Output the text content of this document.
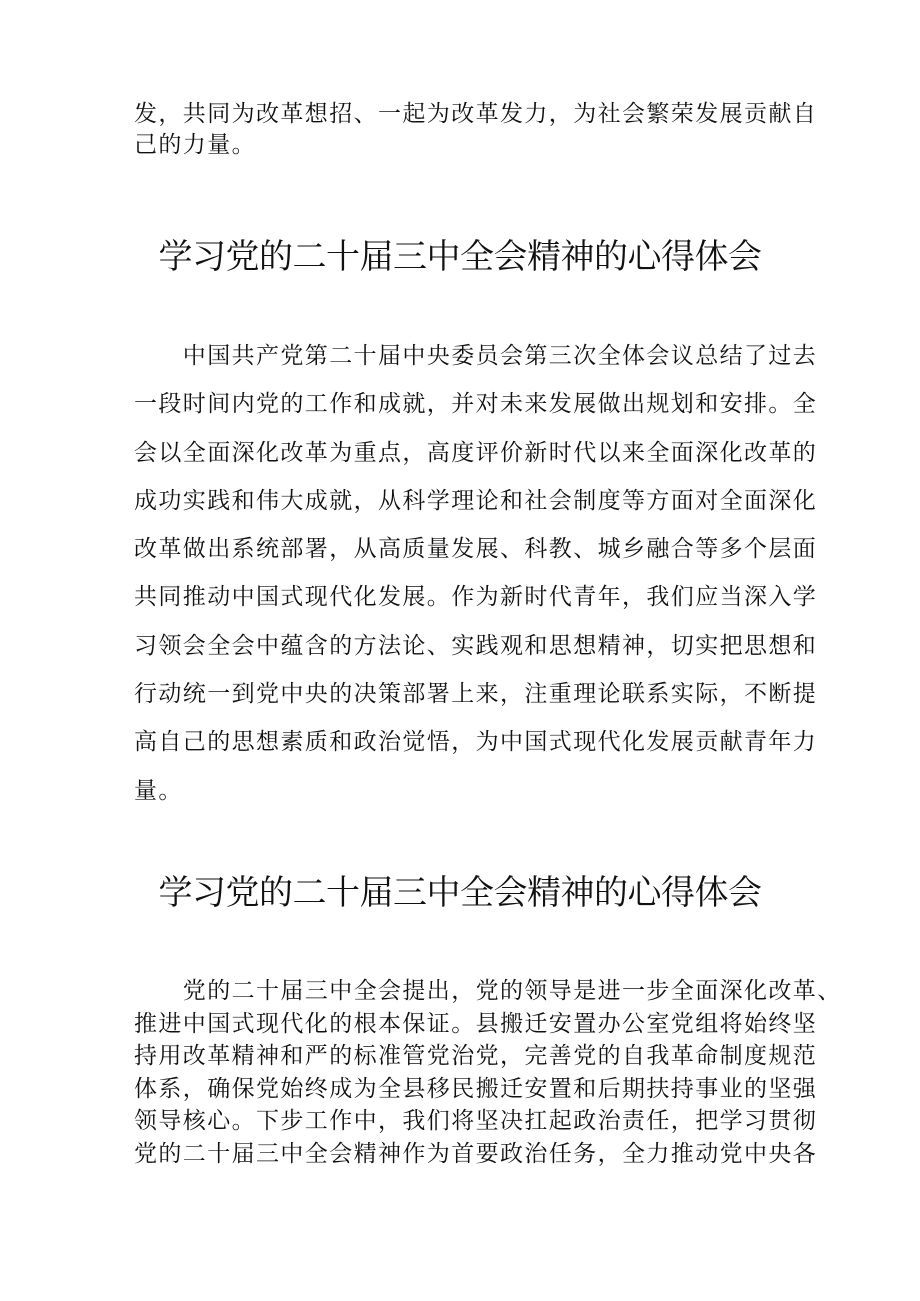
发，共同为改革想招、一起为改革发力，为社会繁荣发展贡献自
己的力量。

学习党的二十届三中全会精神的心得体会

　　中国共产党第二十届中央委员会第三次全体会议总结了过去
一段时间内党的工作和成就，并对未来发展做出规划和安排。全
会以全面深化改革为重点，高度评价新时代以来全面深化改革的
成功实践和伟大成就，从科学理论和社会制度等方面对全面深化
改革做出系统部署，从高质量发展、科教、城乡融合等多个层面
共同推动中国式现代化发展。作为新时代青年，我们应当深入学
习领会全会中蕴含的方法论、实践观和思想精神，切实把思想和
行动统一到党中央的决策部署上来，注重理论联系实际，不断提
高自己的思想素质和政治觉悟，为中国式现代化发展贡献青年力
量。

学习党的二十届三中全会精神的心得体会

　　党的二十届三中全会提出，党的领导是进一步全面深化改革、
推进中国式现代化的根本保证。县搬迁安置办公室党组将始终坚
持用改革精神和严的标准管党治党，完善党的自我革命制度规范
体系，确保党始终成为全县移民搬迁安置和后期扶持事业的坚强
领导核心。下步工作中，我们将坚决扛起政治责任，把学习贯彻
党的二十届三中全会精神作为首要政治任务，全力推动党中央各
